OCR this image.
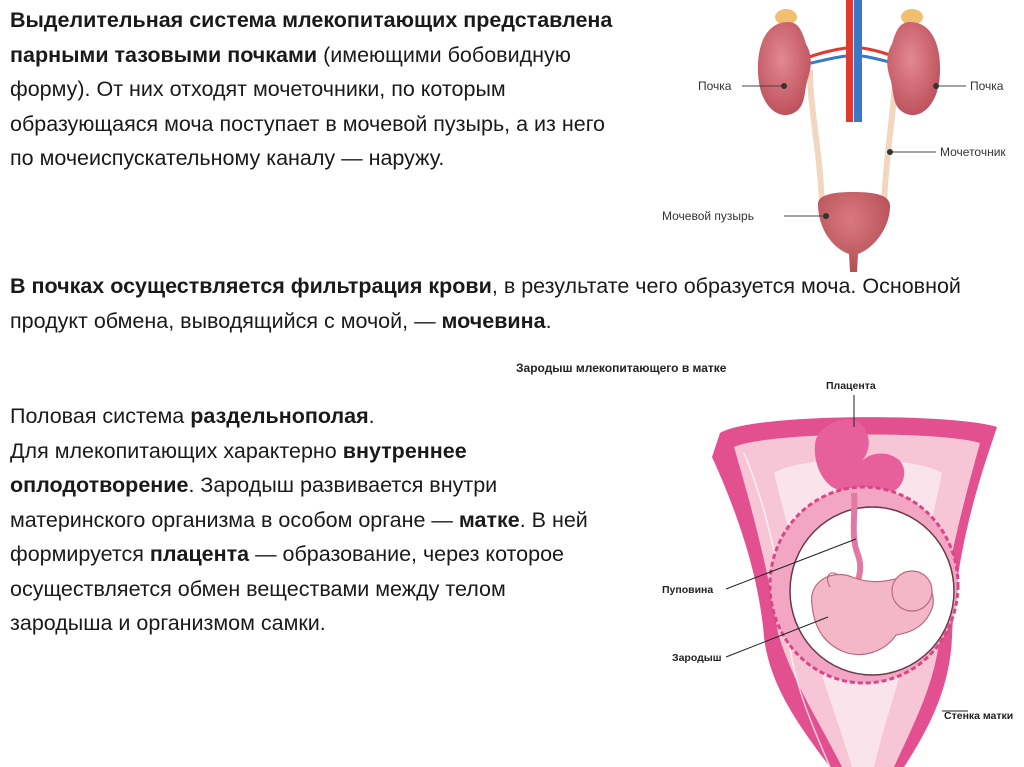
Выделительная система млекопитающих представлена парными тазовыми почками (имеющими бобовидную форму). От них отходят мочеточники, по которым образующаяся моча поступает в мочевой пузырь, а из него по мочеиспускательному каналу — наружу.

В почках осуществляется фильтрация крови, в результате чего образуется моча. Основной продукт обмена, выводящийся с мочой, — мочевина.

Половая система раздельнополая.
Для млекопитающих характерно внутреннее оплодотворение. Зародыш развивается внутри материнского организма в особом органе — матке. В ней формируется плацента — образование, через которое осуществляется обмен веществами между телом зародыша и организмом самки.

Почка	Почка
Мочеточник
Мочевой пузырь
Зародыш млекопитающего в матке
Плацента
Пуповина
Зародыш
Стенка матки
